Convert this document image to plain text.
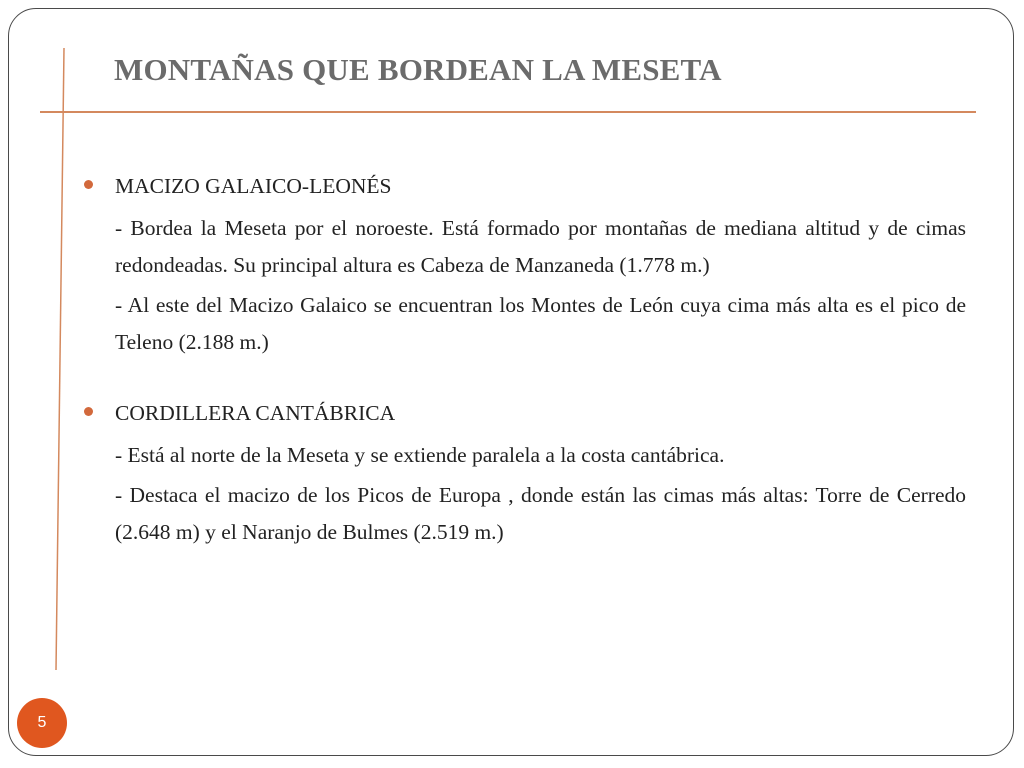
MONTAÑAS QUE BORDEAN LA MESETA
MACIZO GALAICO-LEONÉS

- Bordea la Meseta por el noroeste. Está formado por montañas de mediana altitud y de cimas redondeadas. Su principal altura es Cabeza de Manzaneda (1.778 m.)

- Al este del Macizo Galaico se encuentran los Montes de León cuya cima más alta es el pico de Teleno (2.188 m.)

CORDILLERA CANTÁBRICA

- Está al norte de la Meseta y se extiende paralela a la costa cantábrica.

- Destaca el macizo de los Picos de Europa , donde están las cimas más altas: Torre de Cerredo (2.648 m) y el Naranjo de Bulmes (2.519 m.)

5
